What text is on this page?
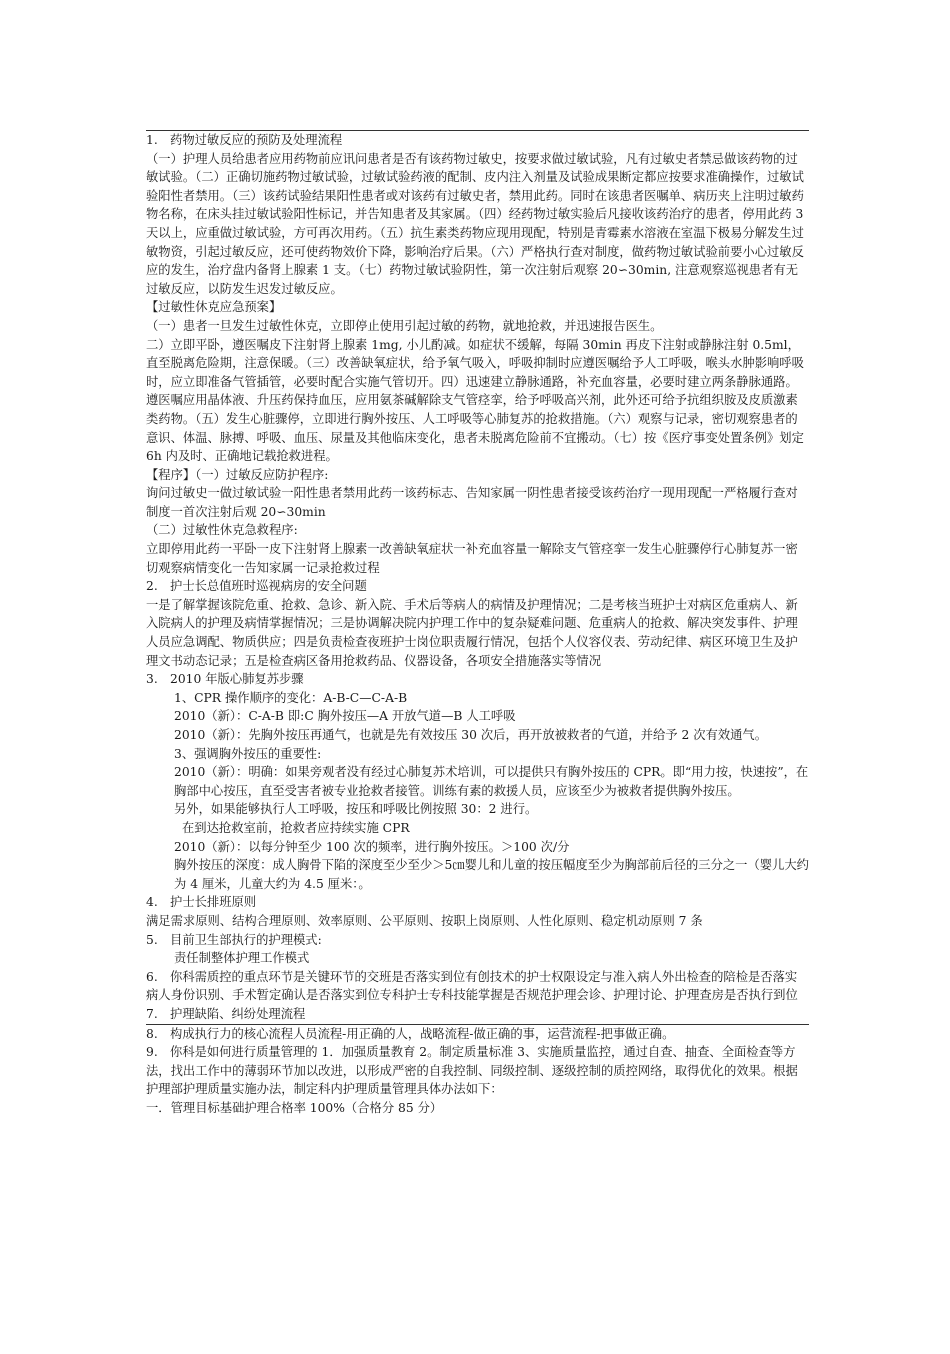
1.　药物过敏反应的预防及处理流程

（一）护理人员给患者应用药物前应讯问患者是否有该药物过敏史，按要求做过敏试验，凡有过敏史者禁忌做该药物的过敏试验。（二）正确切施药物过敏试验，过敏试验药液的配制、皮内注入剂量及试验成果断定都应按要求准确操作，过敏试验阳性者禁用。（三）该药试验结果阳性患者或对该药有过敏史者，禁用此药。同时在该患者医嘱单、病历夹上注明过敏药物名称，在床头挂过敏试验阳性标记，并告知患者及其家属。（四）经药物过敏实验后凡接收该药治疗的患者，停用此药 3 天以上，应重做过敏试验，方可再次用药。（五）抗生素类药物应现用现配，特别是青霉素水溶液在室温下极易分解发生过敏物资，引起过敏反应，还可使药物效价下降，影响治疗后果。（六）严格执行查对制度，做药物过敏试验前要小心过敏反应的发生，治疗盘内备肾上腺素 1 支。（七）药物过敏试验阴性，第一次注射后观察 20∽30min, 注意观察巡视患者有无过敏反应，以防发生迟发过敏反应。

【过敏性休克应急预案】

（一）患者一旦发生过敏性休克，立即停止使用引起过敏的药物，就地抢救，并迅速报告医生。

二）立即平卧，遵医嘱皮下注射肾上腺素 1mg, 小儿酌减。如症状不缓解，每隔 30min 再皮下注射或静脉注射 0.5ml，直至脱离危险期，注意保暖。（三）改善缺氧症状，给予氧气吸入，呼吸抑制时应遵医嘱给予人工呼吸，喉头水肿影响呼吸时，应立即准备气管插管，必要时配合实施气管切开。四）迅速建立静脉通路，补充血容量，必要时建立两条静脉通路。遵医嘱应用晶体液、升压药保持血压，应用氨茶碱解除支气管痉挛，给予呼吸高兴剂，此外还可给予抗组织胺及皮质激素类药物。（五）发生心脏骤停，立即进行胸外按压、人工呼吸等心肺复苏的抢救措施。（六）观察与记录，密切观察患者的意识、体温、脉搏、呼吸、血压、尿量及其他临床变化，患者未脱离危险前不宜搬动。（七）按《医疗事变处置条例》划定 6h 内及时、正确地记载抢救进程。

【程序】（一）过敏反应防护程序:

询问过敏史一做过敏试验一阳性患者禁用此药一该药标志、告知家属一阴性患者接受该药治疗一现用现配一严格履行查对制度一首次注射后观 20∽30min

（二）过敏性休克急救程序:

立即停用此药一平卧一皮下注射肾上腺素一改善缺氧症状一补充血容量一解除支气管痉挛一发生心脏骤停行心肺复苏一密切观察病情变化一告知家属一记录抢救过程

2.　护士长总值班时巡视病房的安全问题

一是了解掌握该院危重、抢救、急诊、新入院、手术后等病人的病情及护理情况；二是考核当班护士对病区危重病人、新入院病人的护理及病情掌握情况；三是协调解决院内护理工作中的复杂疑难问题、危重病人的抢救、解决突发事件、护理人员应急调配、物质供应；四是负责检查夜班护士岗位职责履行情况，包括个人仪容仪表、劳动纪律、病区环境卫生及护理文书动态记录；五是检查病区备用抢救药品、仪器设备，各项安全措施落实等情况

3.　2010 年版心肺复苏步骤

1、CPR 操作顺序的变化：A-B-C—C-A-B

2010（新）：C-A-B 即:C 胸外按压—A 开放气道—B 人工呼吸

2010（新）：先胸外按压再通气，也就是先有效按压 30 次后，再开放被救者的气道，并给予 2 次有效通气。

3、强调胸外按压的重要性:

2010（新）：明确：如果旁观者没有经过心肺复苏术培训，可以提供只有胸外按压的 CPR。即“用力按，快速按”，在胸部中心按压，直至受害者被专业抢救者接管。训练有素的救援人员，应该至少为被救者提供胸外按压。

另外，如果能够执行人工呼吸，按压和呼吸比例按照 30：2 进行。

在到达抢救室前，抢救者应持续实施 CPR

2010（新）：以每分钟至少 100 次的频率，进行胸外按压。＞100 次/分

胸外按压的深度：成人胸骨下陷的深度至少至少＞5㎝婴儿和儿童的按压幅度至少为胸部前后径的三分之一（婴儿大约为 4 厘米，儿童大约为 4.5 厘米：。

4.　护士长排班原则

满足需求原则、结构合理原则、效率原则、公平原则、按职上岗原则、人性化原则、稳定机动原则 7 条

5.　目前卫生部执行的护理模式:

责任制整体护理工作模式

6.　你科需质控的重点环节是关键环节的交班是否落实到位有创技术的护士权限设定与准入病人外出检查的陪检是否落实病人身份识别、手术暂定确认是否落实到位专科护士专科技能掌握是否规范护理会诊、护理讨论、护理查房是否执行到位

7.　护理缺陷、纠纷处理流程

8.　构成执行力的核心流程人员流程-用正确的人，战略流程-做正确的事，运营流程-把事做正确。

9.　你科是如何进行质量管理的 1．加强质量教育 2。制定质量标准 3、实施质量监控，通过自查、抽查、全面检查等方法，找出工作中的薄弱环节加以改进，以形成严密的自我控制、同级控制、逐级控制的质控网络，取得优化的效果。根据护理部护理质量实施办法，制定科内护理质量管理具体办法如下：

一．管理目标基础护理合格率 100%（合格分 85 分）
